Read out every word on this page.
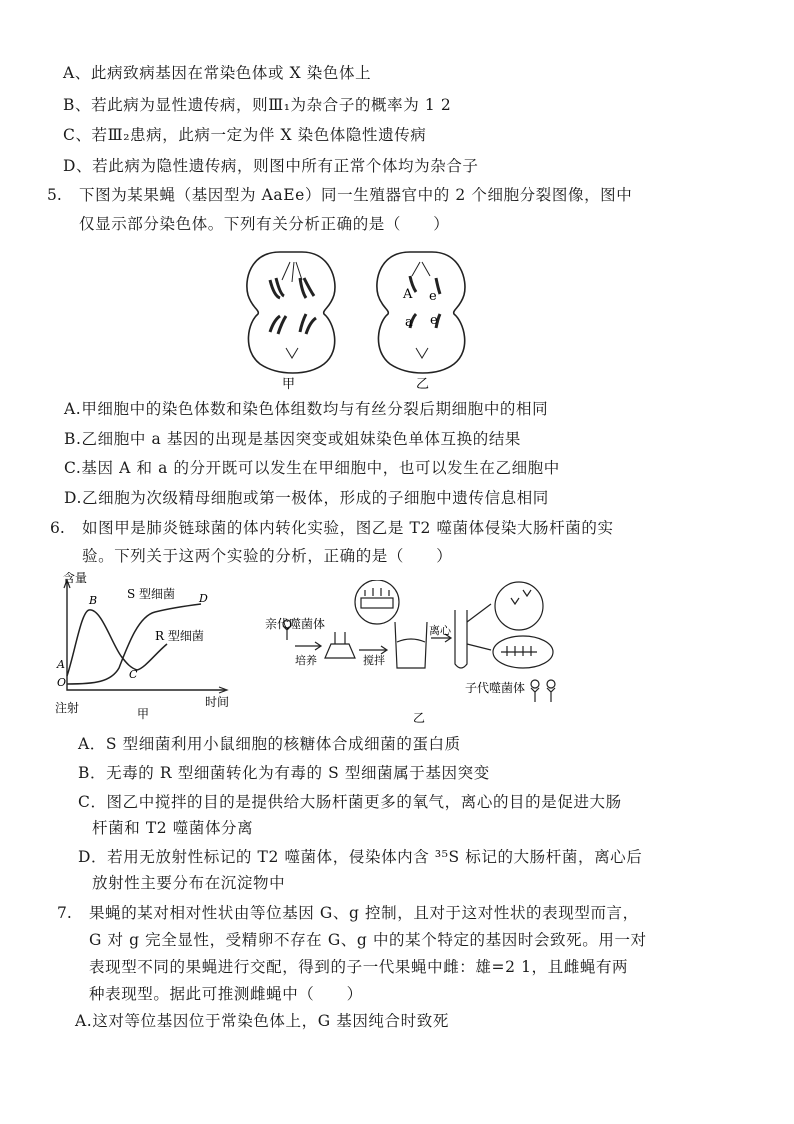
A、此病致病基因在常染色体或 X 染色体上
B、若此病为显性遗传病，则Ⅲ₁为杂合子的概率为 1 2
C、若Ⅲ₂患病，此病一定为伴 X 染色体隐性遗传病
D、若此病为隐性遗传病，则图中所有正常个体均为杂合子
5. 下图为某果蝇（基因型为 AaEe）同一生殖器官中的 2 个细胞分裂图像，图中
仅显示部分染色体。下列有关分析正确的是（　　）
A e
a e
甲	乙
A.甲细胞中的染色体数和染色体组数均与有丝分裂后期细胞中的相同
B.乙细胞中 a 基因的出现是基因突变或姐妹染色单体互换的结果
C.基因 A 和 a 的分开既可以发生在甲细胞中，也可以发生在乙细胞中
D.乙细胞为次级精母细胞或第一极体，形成的子细胞中遗传信息相同
6. 如图甲是肺炎链球菌的体内转化实验，图乙是 T2 噬菌体侵染大肠杆菌的实
验。下列关于这两个实验的分析，正确的是（　　）
含量
时间
注射
S 型细菌
R 型细菌
A
B
C
D
O
甲
亲代噬菌体
培养	搅拌
离心
子代噬菌体
乙
A．S 型细菌利用小鼠细胞的核糖体合成细菌的蛋白质
B．无毒的 R 型细菌转化为有毒的 S 型细菌属于基因突变
C．图乙中搅拌的目的是提供给大肠杆菌更多的氧气，离心的目的是促进大肠
杆菌和 T2 噬菌体分离
D．若用无放射性标记的 T2 噬菌体，侵染体内含 ³⁵S 标记的大肠杆菌，离心后
放射性主要分布在沉淀物中
7. 果蝇的某对相对性状由等位基因 G、g 控制，且对于这对性状的表现型而言，
G 对 g 完全显性，受精卵不存在 G、g 中的某个特定的基因时会致死。用一对
表现型不同的果蝇进行交配，得到的子一代果蝇中雌：雄=2 1，且雌蝇有两
种表现型。据此可推测雌蝇中（　　）
A.这对等位基因位于常染色体上，G 基因纯合时致死
